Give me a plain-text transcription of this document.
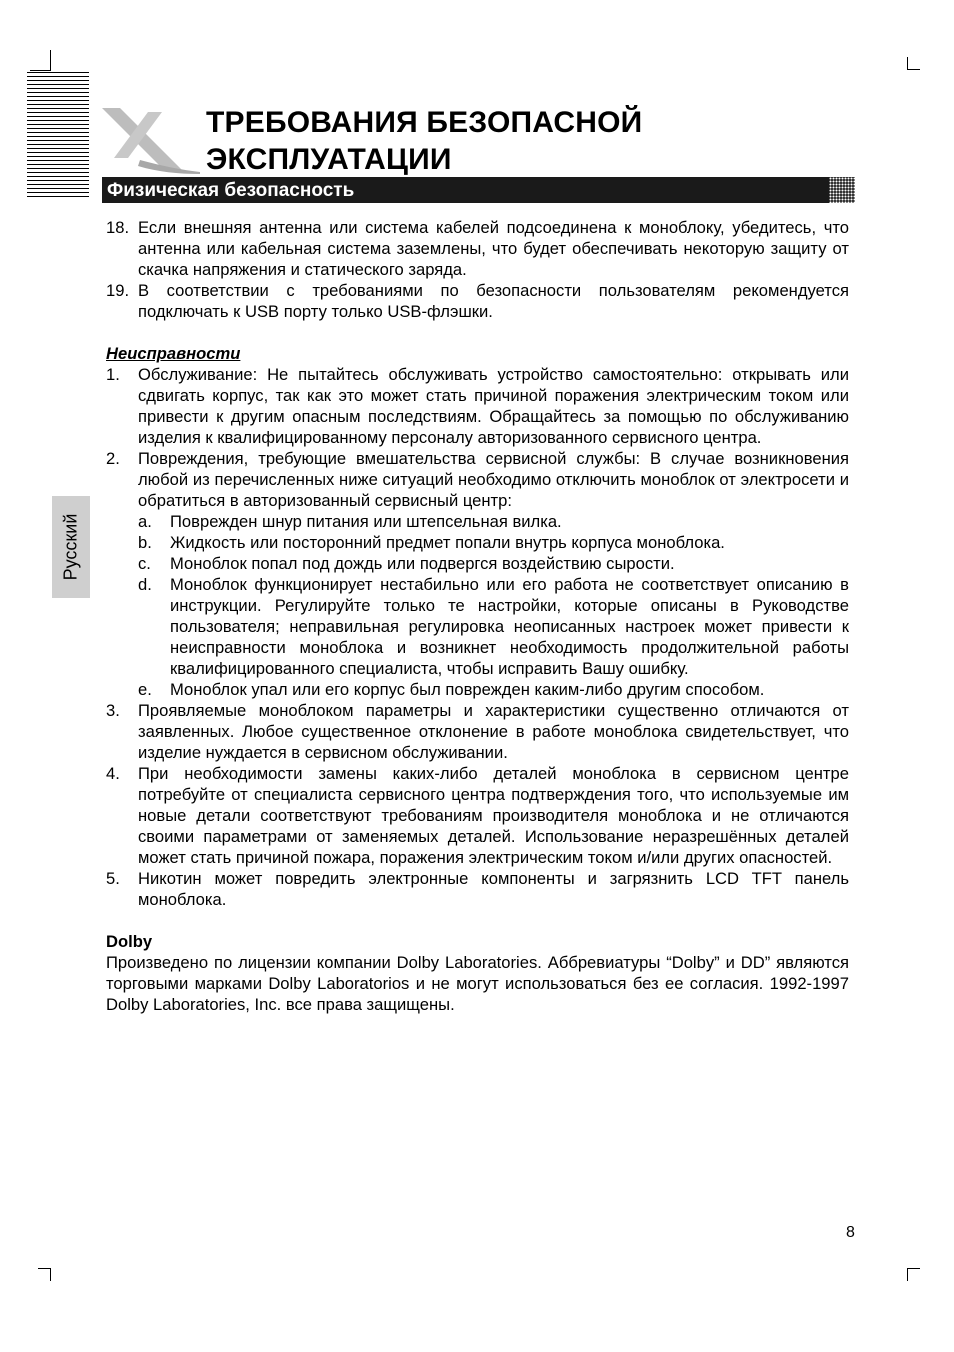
ТРЕБОВАНИЯ БЕЗОПАСНОЙ
ЭКСПЛУАТАЦИИ
Физическая безопасность
Русский
18. Если внешняя антенна или система кабелей подсоединена к моноблоку, убедитесь, что антенна или кабельная система заземлены, что будет обеспечивать некоторую защиту от скачка напряжения и статического заряда.
19. В соответствии с требованиями по безопасности пользователям рекомендуется подключать к USB порту только USB-флэшки.
Неисправности
1. Обслуживание: Не пытайтесь обслуживать устройство самостоятельно: открывать или сдвигать корпус, так как это может стать причиной поражения электрическим током или привести к другим опасным последствиям. Обращайтесь за помощью по обслуживанию изделия к квалифицированному персоналу авторизованного сервисного центра.
2. Повреждения, требующие вмешательства сервисной службы: В случае возникновения любой из перечисленных ниже ситуаций необходимо отключить моноблок от электросети и обратиться в авторизованный сервисный центр:
a. Поврежден шнур питания или штепсельная вилка.
b. Жидкость или посторонний предмет попали внутрь корпуса моноблока.
c. Моноблок попал под дождь или подвергся воздействию сырости.
d. Моноблок функционирует нестабильно или его работа не соответствует описанию в инструкции. Регулируйте только те настройки, которые описаны в Руководстве пользователя; неправильная регулировка неописанных настроек может привести к неисправности моноблока и возникнет необходимость продолжительной работы квалифицированного специалиста, чтобы исправить Вашу ошибку.
e. Моноблок упал или его корпус был поврежден каким-либо другим способом.
3. Проявляемые моноблоком параметры и характеристики существенно отличаются от заявленных. Любое существенное отклонение в работе моноблока свидетельствует, что изделие нуждается в сервисном обслуживании.
4. При необходимости замены каких-либо деталей моноблока в сервисном центре потребуйте от специалиста сервисного центра подтверждения того, что используемые им новые детали соответствуют требованиям производителя моноблока и не отличаются своими параметрами от заменяемых деталей. Использование неразрешённых деталей может стать причиной пожара, поражения электрическим током и/или других опасностей.
5. Никотин может повредить электронные компоненты и загрязнить LCD TFT панель моноблока.
Dolby
Произведено по лицензии компании Dolby Laboratories. Аббревиатуры “Dolby” и DD” являются торговыми марками Dolby Laboratorios и не могут использоваться без ее согласия. 1992-1997 Dolby Laboratories, Inc. все права защищены.
8
